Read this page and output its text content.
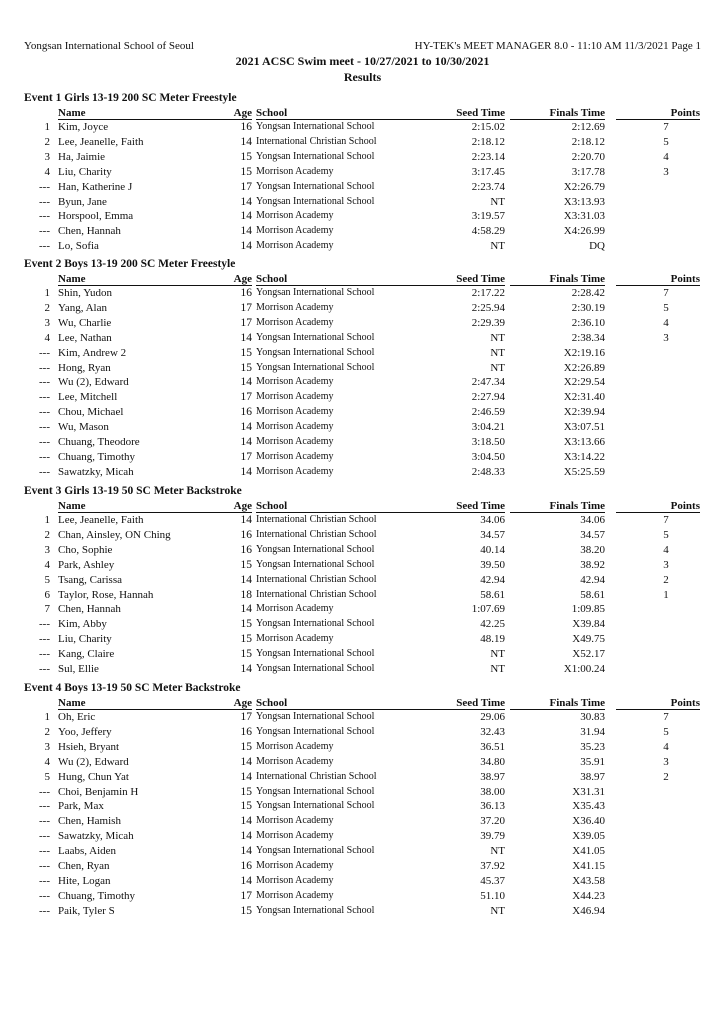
Yongsan International School of Seoul	HY-TEK's MEET MANAGER 8.0 - 11:10 AM 11/3/2021 Page 1
2021 ACSC Swim meet - 10/27/2021 to 10/30/2021
Results
Event 1 Girls 13-19 200 SC Meter Freestyle
Name	Age School	Seed Time	Finals Time	Points
1 Kim, Joyce	16 Yongsan International School	2:15.02	2:12.69	7
2 Lee, Jeanelle, Faith	14 International Christian School	2:18.12	2:18.12	5
3 Ha, Jaimie	15 Yongsan International School	2:23.14	2:20.70	4
4 Liu, Charity	15 Morrison Academy	3:17.45	3:17.78	3
--- Han, Katherine J	17 Yongsan International School	2:23.74	X2:26.79
--- Byun, Jane	14 Yongsan International School	NT	X3:13.93
--- Horspool, Emma	14 Morrison Academy	3:19.57	X3:31.03
--- Chen, Hannah	14 Morrison Academy	4:58.29	X4:26.99
--- Lo, Sofia	14 Morrison Academy	NT	DQ
Event 2 Boys 13-19 200 SC Meter Freestyle
Name	Age School	Seed Time	Finals Time	Points
1 Shin, Yudon	16 Yongsan International School	2:17.22	2:28.42	7
2 Yang, Alan	17 Morrison Academy	2:25.94	2:30.19	5
3 Wu, Charlie	17 Morrison Academy	2:29.39	2:36.10	4
4 Lee, Nathan	14 Yongsan International School	NT	2:38.34	3
--- Kim, Andrew 2	15 Yongsan International School	NT	X2:19.16
--- Hong, Ryan	15 Yongsan International School	NT	X2:26.89
--- Wu (2), Edward	14 Morrison Academy	2:47.34	X2:29.54
--- Lee, Mitchell	17 Morrison Academy	2:27.94	X2:31.40
--- Chou, Michael	16 Morrison Academy	2:46.59	X2:39.94
--- Wu, Mason	14 Morrison Academy	3:04.21	X3:07.51
--- Chuang, Theodore	14 Morrison Academy	3:18.50	X3:13.66
--- Chuang, Timothy	17 Morrison Academy	3:04.50	X3:14.22
--- Sawatzky, Micah	14 Morrison Academy	2:48.33	X5:25.59
Event 3 Girls 13-19 50 SC Meter Backstroke
Name	Age School	Seed Time	Finals Time	Points
1 Lee, Jeanelle, Faith	14 International Christian School	34.06	34.06	7
2 Chan, Ainsley, ON Ching	16 International Christian School	34.57	34.57	5
3 Cho, Sophie	16 Yongsan International School	40.14	38.20	4
4 Park, Ashley	15 Yongsan International School	39.50	38.92	3
5 Tsang, Carissa	14 International Christian School	42.94	42.94	2
6 Taylor, Rose, Hannah	18 International Christian School	58.61	58.61	1
7 Chen, Hannah	14 Morrison Academy	1:07.69	1:09.85
--- Kim, Abby	15 Yongsan International School	42.25	X39.84
--- Liu, Charity	15 Morrison Academy	48.19	X49.75
--- Kang, Claire	15 Yongsan International School	NT	X52.17
--- Sul, Ellie	14 Yongsan International School	NT	X1:00.24
Event 4 Boys 13-19 50 SC Meter Backstroke
Name	Age School	Seed Time	Finals Time	Points
1 Oh, Eric	17 Yongsan International School	29.06	30.83	7
2 Yoo, Jeffery	16 Yongsan International School	32.43	31.94	5
3 Hsieh, Bryant	15 Morrison Academy	36.51	35.23	4
4 Wu (2), Edward	14 Morrison Academy	34.80	35.91	3
5 Hung, Chun Yat	14 International Christian School	38.97	38.97	2
--- Choi, Benjamin H	15 Yongsan International School	38.00	X31.31
--- Park, Max	15 Yongsan International School	36.13	X35.43
--- Chen, Hamish	14 Morrison Academy	37.20	X36.40
--- Sawatzky, Micah	14 Morrison Academy	39.79	X39.05
--- Laabs, Aiden	14 Yongsan International School	NT	X41.05
--- Chen, Ryan	16 Morrison Academy	37.92	X41.15
--- Hite, Logan	14 Morrison Academy	45.37	X43.58
--- Chuang, Timothy	17 Morrison Academy	51.10	X44.23
--- Paik, Tyler S	15 Yongsan International School	NT	X46.94
